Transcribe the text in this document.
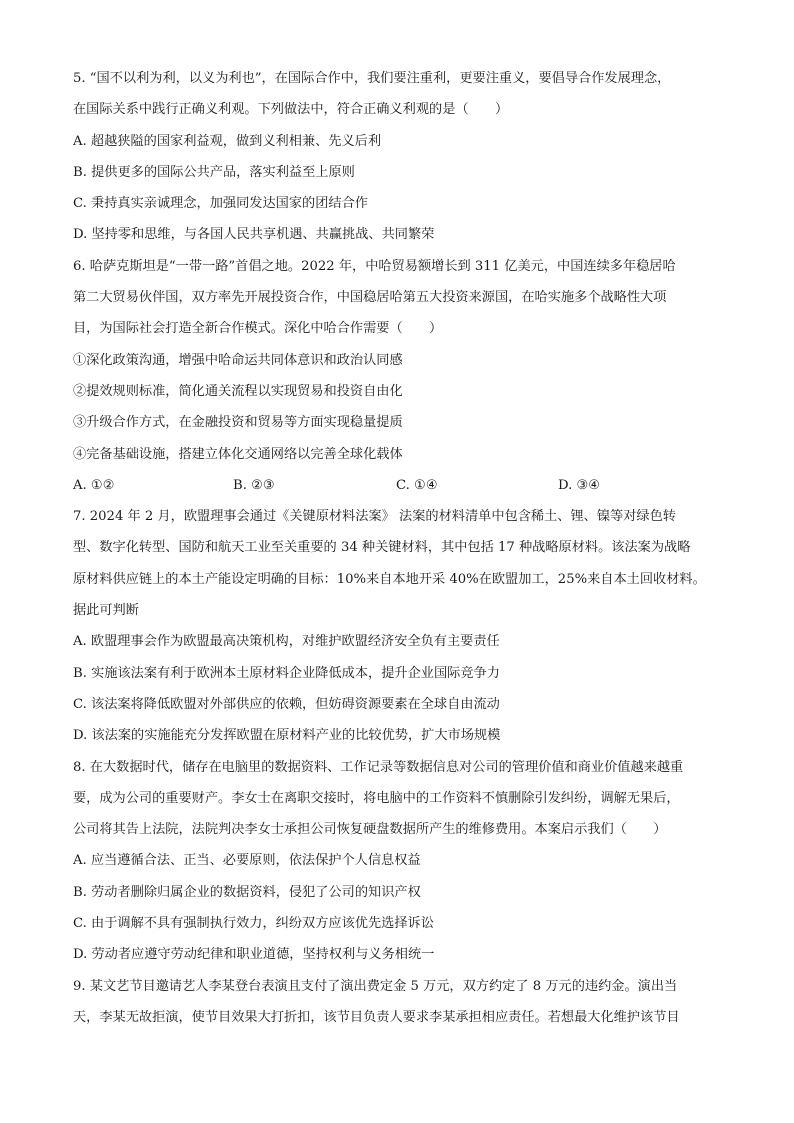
5. “国不以利为利，以义为利也”，在国际合作中，我们要注重利，更要注重义，要倡导合作发展理念，
在国际关系中践行正确义利观。下列做法中，符合正确义利观的是（　　）
A. 超越狭隘的国家利益观，做到义利相兼、先义后利
B. 提供更多的国际公共产品，落实利益至上原则
C. 秉持真实亲诚理念，加强同发达国家的团结合作
D. 坚持零和思维，与各国人民共享机遇、共赢挑战、共同繁荣
6. 哈萨克斯坦是“一带一路”首倡之地。2022 年，中哈贸易额增长到 311 亿美元，中国连续多年稳居哈
第二大贸易伙伴国，双方率先开展投资合作，中国稳居哈第五大投资来源国，在哈实施多个战略性大项
目，为国际社会打造全新合作模式。深化中哈合作需要（　　）
①深化政策沟通，增强中哈命运共同体意识和政治认同感
②提效规则标准，简化通关流程以实现贸易和投资自由化
③升级合作方式，在金融投资和贸易等方面实现稳量提质
④完备基础设施，搭建立体化交通网络以完善全球化载体
A. ①②	B. ②③	C. ①④	D. ③④
7. 2024 年 2 月，欧盟理事会通过《关键原材料法案》 法案的材料清单中包含稀土、锂、镍等对绿色转
型、数字化转型、国防和航天工业至关重要的 34 种关键材料，其中包括 17 种战略原材料。该法案为战略
原材料供应链上的本土产能设定明确的目标：10%来自本地开采 40%在欧盟加工，25%来自本土回收材料。
据此可判断
A. 欧盟理事会作为欧盟最高决策机构，对维护欧盟经济安全负有主要责任
B. 实施该法案有利于欧洲本土原材料企业降低成本，提升企业国际竞争力
C. 该法案将降低欧盟对外部供应的依赖，但妨碍资源要素在全球自由流动
D. 该法案的实施能充分发挥欧盟在原材料产业的比较优势，扩大市场规模
8. 在大数据时代，储存在电脑里的数据资料、工作记录等数据信息对公司的管理价值和商业价值越来越重
要，成为公司的重要财产。李女士在离职交接时，将电脑中的工作资料不慎删除引发纠纷，调解无果后，
公司将其告上法院，法院判决李女士承担公司恢复硬盘数据所产生的维修费用。本案启示我们（　　）
A. 应当遵循合法、正当、必要原则，依法保护个人信息权益
B. 劳动者删除归属企业的数据资料，侵犯了公司的知识产权
C. 由于调解不具有强制执行效力，纠纷双方应该优先选择诉讼
D. 劳动者应遵守劳动纪律和职业道德，坚持权利与义务相统一
9. 某文艺节目邀请艺人李某登台表演且支付了演出费定金 5 万元，双方约定了 8 万元的违约金。演出当
天，李某无故拒演，使节目效果大打折扣，该节目负责人要求李某承担相应责任。若想最大化维护该节目
